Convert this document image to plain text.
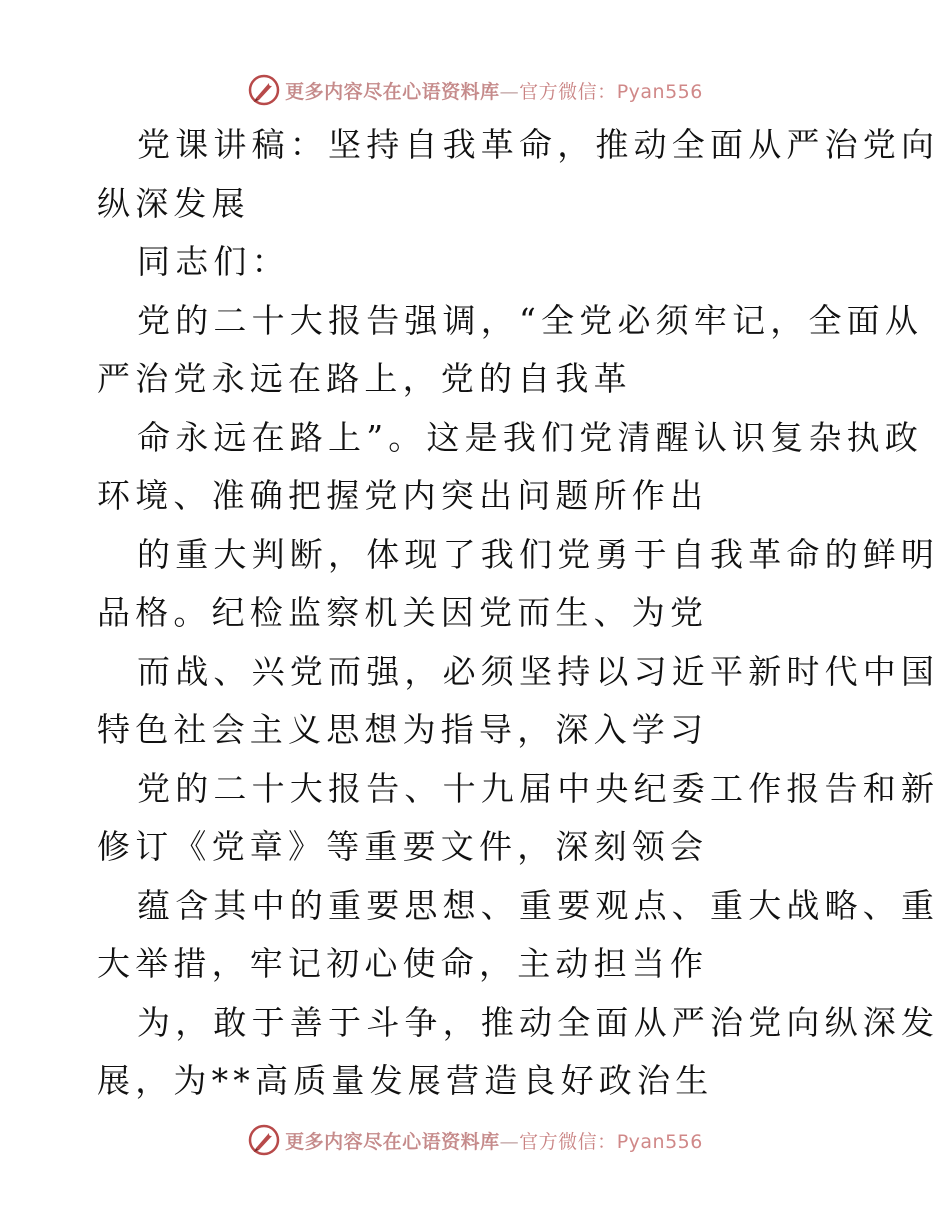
更多内容尽在心语资料库—官方微信：Pyan556
党课讲稿：坚持自我革命，推动全面从严治党向
纵深发展
同志们：
党的二十大报告强调，“全党必须牢记，全面从
严治党永远在路上，党的自我革
命永远在路上”。这是我们党清醒认识复杂执政
环境、准确把握党内突出问题所作出
的重大判断，体现了我们党勇于自我革命的鲜明
品格。纪检监察机关因党而生、为党
而战、兴党而强，必须坚持以习近平新时代中国
特色社会主义思想为指导，深入学习
党的二十大报告、十九届中央纪委工作报告和新
修订《党章》等重要文件，深刻领会
蕴含其中的重要思想、重要观点、重大战略、重
大举措，牢记初心使命，主动担当作
为，敢于善于斗争，推动全面从严治党向纵深发
展，为**高质量发展营造良好政治生
更多内容尽在心语资料库—官方微信：Pyan556
